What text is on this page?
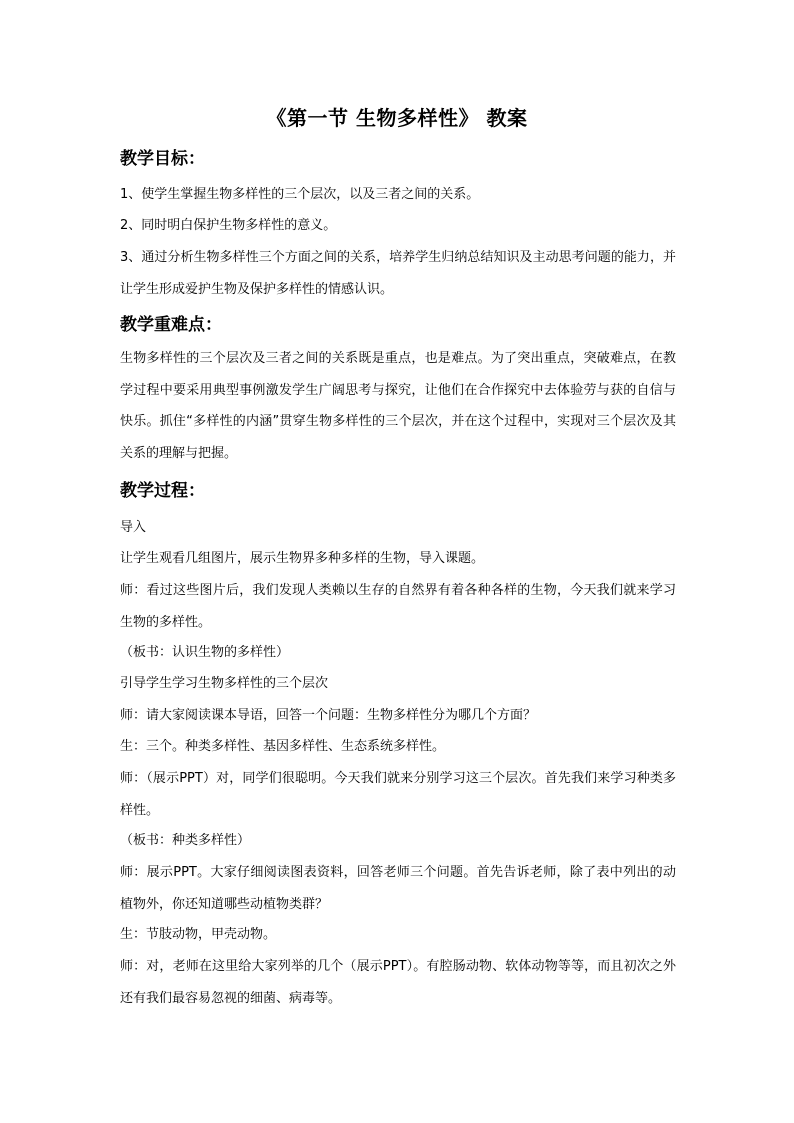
《第一节 生物多样性》 教案
教学目标：
1、使学生掌握生物多样性的三个层次，以及三者之间的关系。
2、同时明白保护生物多样性的意义。
3、通过分析生物多样性三个方面之间的关系，培养学生归纳总结知识及主动思考问题的能力，并让学生形成爱护生物及保护多样性的情感认识。
教学重难点：
生物多样性的三个层次及三者之间的关系既是重点，也是难点。为了突出重点，突破难点，在教学过程中要采用典型事例激发学生广阔思考与探究，让他们在合作探究中去体验劳与获的自信与快乐。抓住“多样性的内涵”贯穿生物多样性的三个层次，并在这个过程中，实现对三个层次及其关系的理解与把握。
教学过程：
导入
让学生观看几组图片，展示生物界多种多样的生物，导入课题。
师：看过这些图片后，我们发现人类赖以生存的自然界有着各种各样的生物，今天我们就来学习生物的多样性。
（板书：认识生物的多样性）
引导学生学习生物多样性的三个层次
师：请大家阅读课本导语，回答一个问题：生物多样性分为哪几个方面？
生：三个。种类多样性、基因多样性、生态系统多样性。
师：（展示PPT）对，同学们很聪明。今天我们就来分别学习这三个层次。首先我们来学习种类多样性。
（板书：种类多样性）
师：展示PPT。大家仔细阅读图表资料，回答老师三个问题。首先告诉老师，除了表中列出的动植物外，你还知道哪些动植物类群？
生：节肢动物，甲壳动物。
师：对，老师在这里给大家列举的几个（展示PPT）。有腔肠动物、软体动物等等，而且初次之外还有我们最容易忽视的细菌、病毒等。
